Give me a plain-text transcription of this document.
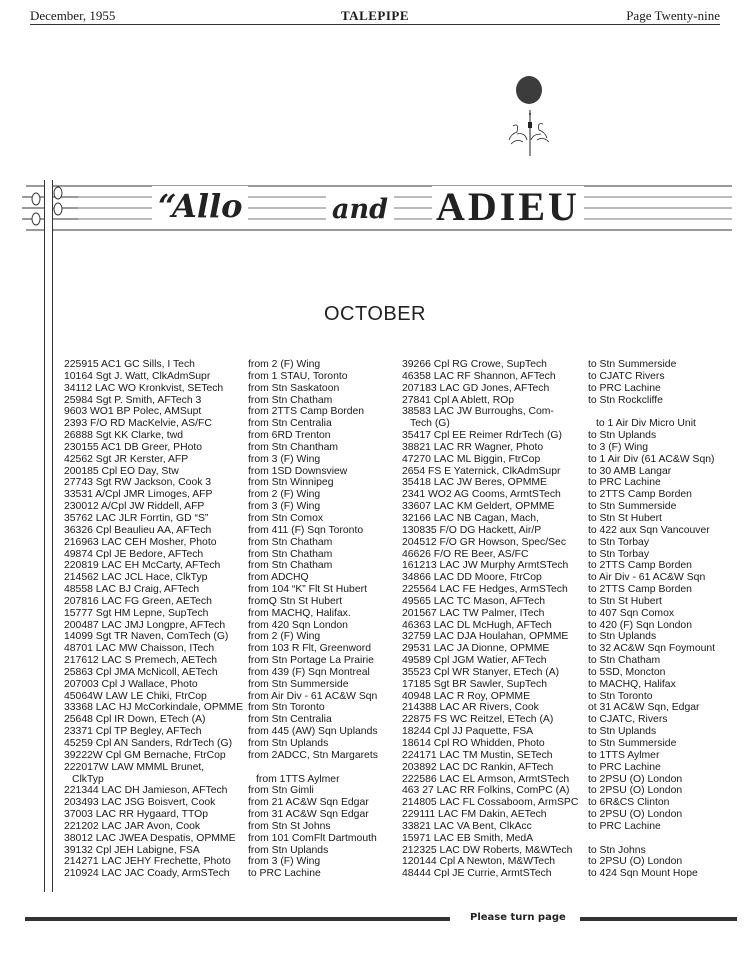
December, 1955	TALEPIPE	Page Twenty-nine
“Allo	and ADIEU
OCTOBER
225915 AC1 GC Sills, I Tech	from 2 (F) Wing
10164 Sgt J. Watt, ClkAdmSupr	from 1 STAU, Toronto
34112 LAC WO Kronkvist, SETech	from Stn Saskatoon
25984 Sgt P. Smith, AFTech 3	from Stn Chatham
9603 WO1 BP Polec, AMSupt	from 2TTS Camp Borden
2393 F/O RD MacKelvie, AS/FC	from Stn Centralia
26888 Sgt KK Clarke, twd	from 6RD Trenton
230155 AC1 DB Greer, PHoto	from Stn Chantham
42562 Sgt JR Kerster, AFP	from 3 (F) Wing
200185 Cpl EO Day, Stw	from 1SD Downsview
27743 Sgt RW Jackson, Cook 3	from Stn Winnipeg
33531 A/Cpl JMR Limoges, AFP	from 2 (F) Wing
230012 A/Cpl JW Riddell, AFP	from 3 (F) Wing
35762 LAC JLR Forrtin, GD “S”	from Stn Comox
36326 Cpl Beaulieu AA, AFTech	from 411 (F) Sqn Toronto
216963 LAC CEH Mosher, Photo	from Stn Chatham
49874 Cpl JE Bedore, AFTech	from Stn Chatham
220819 LAC EH McCarty, AFTech	from Stn Chatham
214562 LAC JCL Hace, ClkTyp	from ADCHQ
48558 LAC BJ Craig, AFTech	from 104 “K” Flt St Hubert
207816 LAC FG Green, AETech	fromQ Stn St Hubert
15777 Sgt HM Lepne, SupTech	from MACHQ, Halifax.
200487 LAC JMJ Longpre, AFTech	from 420 Sqn London
14099 Sgt TR Naven, ComTech (G)	from 2 (F) Wing
48701 LAC MW Chaisson, ITech	from 103 R Flt, Greenword
217612 LAC S Premech, AETech	from Stn Portage La Prairie
25863 Cpl JMA McNicoll, AETech	from 439 (F) Sqn Montreal
207003 Cpl J Wallace, Photo	from Stn Summerside
45064W LAW LE Chiki, FtrCop	from Air Div - 61 AC&W Sqn
33368 LAC HJ McCorkindale, OPMME from Stn Toronto
25648 Cpl IR Down, ETech (A)	from Stn Centralia
23371 Cpl TP Begley, AFTech	from 445 (AW) Sqn Uplands
45259 Cpl AN Sanders, RdrTech (G)	from Stn Uplands
39222W Cpl GM Bernache, FtrCop	from 2ADCC, Stn Margarets
222017W LAW MMML Brunet,
ClkTyp	from 1TTS Aylmer
221344 LAC DH Jamieson, AFTech	from Stn Gimli
203493 LAC JSG Boisvert, Cook	from 21 AC&W Sqn Edgar
37003 LAC RR Hygaard, TTOp	from 31 AC&W Sqn Edgar
221202 LAC JAR Avon, Cook	from Stn St Johns
38012 LAC JWEA Despatis, OPMME	from 101 ComFlt Dartmouth
39132 Cpl JEH Labigne, FSA	from Stn Uplands
214271 LAC JEHY Frechette, Photo	from 3 (F) Wing
210924 LAC JAC Coady, ArmSTech	to PRC Lachine
39266 Cpl RG Crowe, SupTech	to Stn Summerside
46358 LAC RF Shannon, AFTech	to CJATC Rivers
207183 LAC GD Jones, AFTech	to PRC Lachine
27841 Cpl A Ablett, ROp	to Stn Rockcliffe
38583 LAC JW Burroughs, Com-
Tech (G)	to 1 Air Div Micro Unit
35417 Cpl EE Reimer RdrTech (G)	to Stn Uplands
38821 LAC RR Wagner, Photo	to 3 (F) Wing
47270 LAC ML Biggin, FtrCop	to 1 Air Div (61 AC&W Sqn)
2654 FS E Yaternick, ClkAdmSupr	to 30 AMB Langar
35418 LAC JW Beres, OPMME	to PRC Lachine
2341 WO2 AG Cooms, ArmtSTech	to 2TTS Camp Borden
33607 LAC KM Geldert, OPMME	to Stn Summerside
32166 LAC NB Cagan, Mach,	to Stn St Hubert
130835 F/O DG Hackett, Air/P	to 422 aux Sqn Vancouver
204512 F/O GR Howson, Spec/Sec	to Stn Torbay
46626 F/O RE Beer, AS/FC	to Stn Torbay
161213 LAC JW Murphy ArmtSTech	to 2TTS Camp Borden
34866 LAC DD Moore, FtrCop	to Air Div - 61 AC&W Sqn
225564 LAC FE Hedges, ArmSTech	to 2TTS Camp Borden
49565 LAC TC Mason, AFTech	to Stn St Hubert
201567 LAC TW Palmer, ITech	to 407 Sqn Comox
46363 LAC DL McHugh, AFTech	to 420 (F) Sqn London
32759 LAC DJA Houlahan, OPMME	to Stn Uplands
29531 LAC JA Dionne, OPMME	to 32 AC&W Sqn Foymount
49589 Cpl JGM Watier, AFTech	to Stn Chatham
35523 Cpl WR Stanyer, ETech (A)	to 5SD, Moncton
17185 Sgt BR Sawler, SupTech	to MACHQ, Halifax
40948 LAC R Roy, OPMME	to Stn Toronto
214388 LAC AR Rivers, Cook	ot 31 AC&W Sqn, Edgar
22875 FS WC Reitzel, ETech (A)	to CJATC, Rivers
18244 Cpl JJ Paquette, FSA	to Stn Uplands
18614 Cpl RO Whidden, Photo	to Stn Summerside
224171 LAC TM Mustin, SETech	to 1TTS Aylmer
203892 LAC DC Rankin, AFTech	to PRC Lachine
222586 LAC EL Armson, ArmtSTech	to 2PSU (O) London
463 27 LAC RR Folkins, ComPC (A)	to 2PSU (O) London
214805 LAC FL Cossaboom, ArmSPC to 6R&CS Clinton
229111 LAC FM Dakin, AETech	to 2PSU (O) London
33821 LAC VA Bent, ClkAcc	to PRC Lachine
15971 LAC EB Smith, MedA
212325 LAC DW Roberts, M&WTech	to Stn Johns
120144 Cpl A Newton, M&WTech	to 2PSU (O) London
48444 Cpl JE Currie, ArmtSTech	to 424 Sqn Mount Hope
Please turn page
